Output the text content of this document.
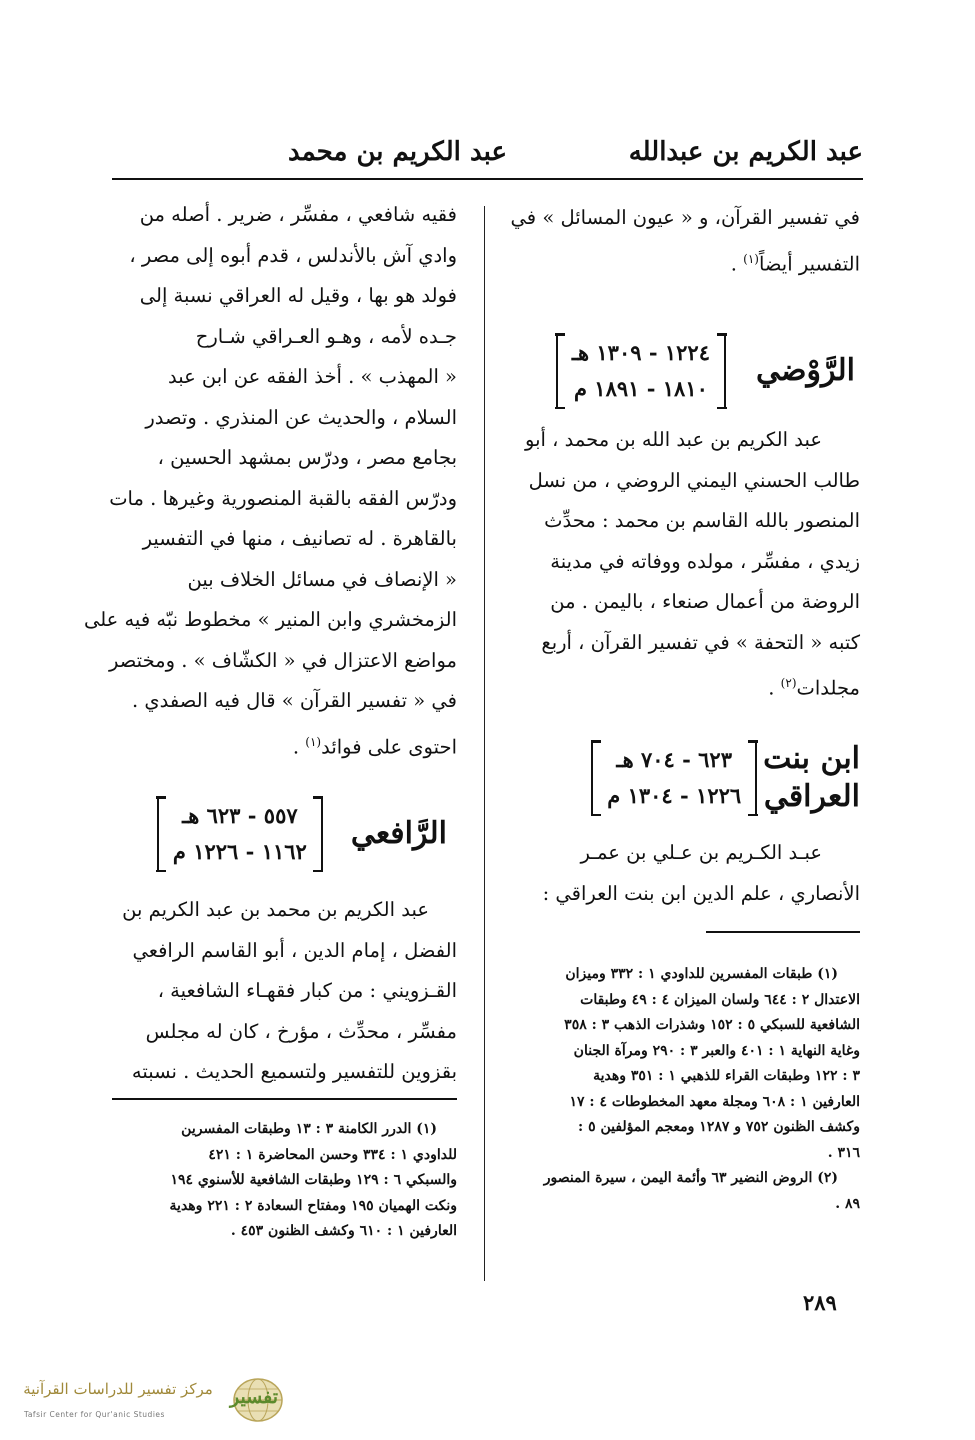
عبد الكريم بن عبدالله
عبد الكريم بن محمد
في تفسير القرآن، و « عيون المسائل » في
التفسير أيضاً$^{(١)}$ .
الرَّوْضي
١٢٢٤ - ١٣٠٩ هـ
١٨١٠ - ١٨٩١ م
عبد الكريم بن عبد الله بن محمد ، أبو
طالب الحسني اليمني الروضي ، من نسل
المنصور بالله القاسم بن محمد : محدِّث
زيدي ، مفسِّر ، مولده ووفاته في مدينة
الروضة من أعمال صنعاء ، باليمن . من
كتبه « التحفة » في تفسير القرآن ، أربع
مجلدات$^{(٢)}$ .
ابن بنت
العراقي
٦٢٣ - ٧٠٤ هـ
١٢٢٦ - ١٣٠٤ م
عبـد الكـريم بن عـلي بن عمـر
الأنصاري ، علم الدين ابن بنت العراقي :
(١) طبقات المفسرين للداودي ١ : ٣٣٢ وميزان
الاعتدال ٢ : ٦٤٤ ولسان الميزان ٤ : ٤٩ وطبقات
الشافعية للسبكي ٥ : ١٥٢ وشذرات الذهب ٣ : ٣٥٨
وغاية النهاية ١ : ٤٠١ والعبر ٣ : ٢٩٠ ومرآة الجنان
٣ : ١٢٢ وطبقات القراء للذهبي ١ : ٣٥١ وهدية
العارفين ١ : ٦٠٨ ومجلة معهد المخطوطات ٤ : ١٧
وكشف الظنون ٧٥٢ و ١٢٨٧ ومعجم المؤلفين ٥ :
٣١٦ .
(٢) الروض النضير ٦٣ وأئمة اليمن ، سيرة المنصور
٨٩ .
٢٨٩
فقيه شافعي ، مفسِّر ، ضرير . أصله من
وادي آش بالأندلس ، قدم أبوه إلى مصر ،
فولد هو بها ، وقيل له العراقي نسبة إلى
جـده لأمه ، وهـو العـراقي شـارح
« المهذب » . أخذ الفقه عن ابن عبد
السلام ، والحديث عن المنذري . وتصدر
بجامع مصر ، ودرّس بمشهد الحسين ،
ودرّس الفقه بالقبة المنصورية وغيرها . مات
بالقاهرة . له تصانيف ، منها في التفسير
« الإنصاف في مسائل الخلاف بين
الزمخشري وابن المنير » مخطوط نبّه فيه على
مواضع الاعتزال في « الكشّاف » . ومختصر
في « تفسير القرآن » قال فيه الصفدي .
احتوى على فوائد$^{(١)}$ .
الرَّافعي
٥٥٧ - ٦٢٣ هـ
١١٦٢ - ١٢٢٦ م
عبد الكريم بن محمد بن عبد الكريم بن
الفضل ، إمام الدين ، أبو القاسم الرافعي
القـزويني : من كبار فقهـاء الشافعية ،
مفسِّر ، محدِّث ، مؤرخ ، كان له مجلس
بقزوين للتفسير ولتسميع الحديث . نسبته
(١) الدرر الكامنة ٣ : ١٣ وطبقات المفسرين
للداودي ١ : ٣٣٤ وحسن المحاضرة ١ : ٤٢١
والسبكي ٦ : ١٢٩ وطبقات الشافعية للأسنوي ١٩٤
ونكت الهميان ١٩٥ ومفتاح السعادة ٢ : ٢٢١ وهدية
العارفين ١ : ٦١٠ وكشف الظنون ٤٥٣ .
مركز تفسير للدراسات القرآنية
Tafsir Center for Qur'anic Studies
تفسير
